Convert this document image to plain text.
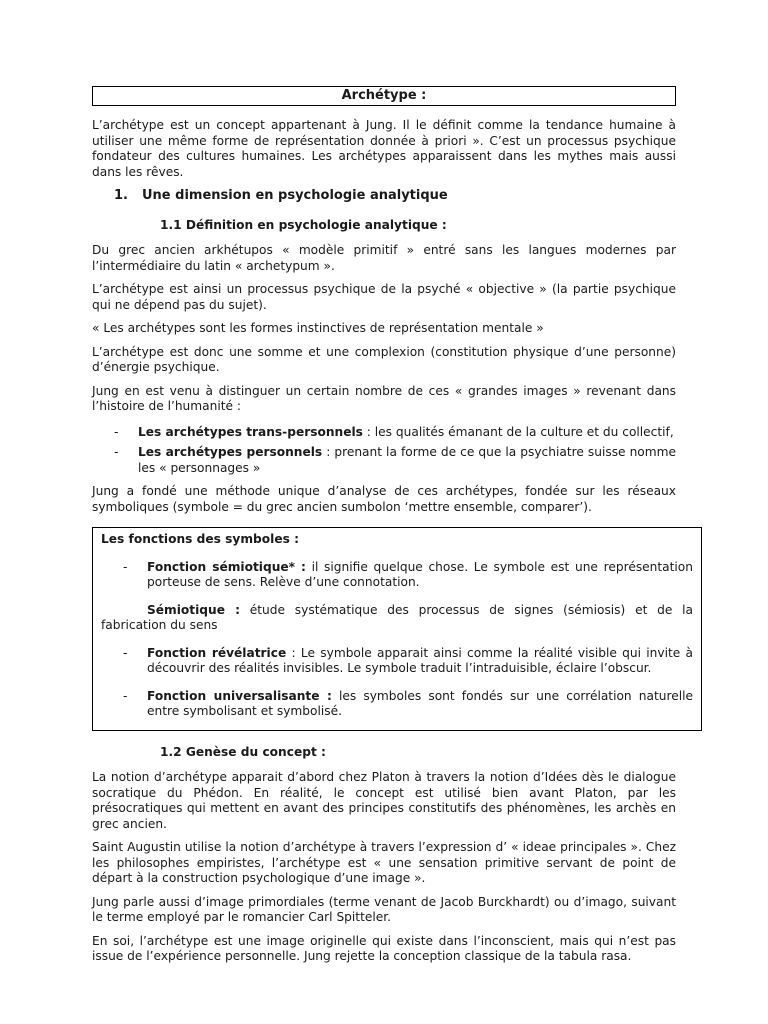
Archétype :

L’archétype est un concept appartenant à Jung. Il le définit comme la tendance humaine à utiliser une même forme de représentation donnée à priori ». C’est un processus psychique fondateur des cultures humaines. Les archétypes apparaissent dans les mythes mais aussi dans les rêves.

1. Une dimension en psychologie analytique
1.1 Définition en psychologie analytique :

Du grec ancien arkhétupos « modèle primitif » entré sans les langues modernes par l’intermédiaire du latin « archetypum ».

L’archétype est ainsi un processus psychique de la psyché « objective » (la partie psychique qui ne dépend pas du sujet).

« Les archétypes sont les formes instinctives de représentation mentale »

L’archétype est donc une somme et une complexion (constitution physique d’une personne) d’énergie psychique.

Jung en est venu à distinguer un certain nombre de ces « grandes images » revenant dans l’histoire de l’humanité :

- Les archétypes trans-personnels : les qualités émanant de la culture et du collectif,
- Les archétypes personnels : prenant la forme de ce que la psychiatre suisse nomme les « personnages »

Jung a fondé une méthode unique d’analyse de ces archétypes, fondée sur les réseaux symboliques (symbole = du grec ancien sumbolon ‘mettre ensemble, comparer’).

Les fonctions des symboles :
- Fonction sémiotique* : il signifie quelque chose. Le symbole est une représentation porteuse de sens. Relève d’une connotation.
Sémiotique : étude systématique des processus de signes (sémiosis) et de la fabrication du sens
- Fonction révélatrice : Le symbole apparait ainsi comme la réalité visible qui invite à découvrir des réalités invisibles. Le symbole traduit l’intraduisible, éclaire l’obscur.
- Fonction universalisante : les symboles sont fondés sur une corrélation naturelle entre symbolisant et symbolisé.
1.2 Genèse du concept :

La notion d’archétype apparait d’abord chez Platon à travers la notion d’Idées dès le dialogue socratique du Phédon. En réalité, le concept est utilisé bien avant Platon, par les présocratiques qui mettent en avant des principes constitutifs des phénomènes, les archès en grec ancien.

Saint Augustin utilise la notion d’archétype à travers l’expression d’ « ideae principales ». Chez les philosophes empiristes, l’archétype est « une sensation primitive servant de point de départ à la construction psychologique d’une image ».

Jung parle aussi d’image primordiales (terme venant de Jacob Burckhardt) ou d’imago, suivant le terme employé par le romancier Carl Spitteler.

En soi, l’archétype est une image originelle qui existe dans l’inconscient, mais qui n’est pas issue de l’expérience personnelle. Jung rejette la conception classique de la tabula rasa.
